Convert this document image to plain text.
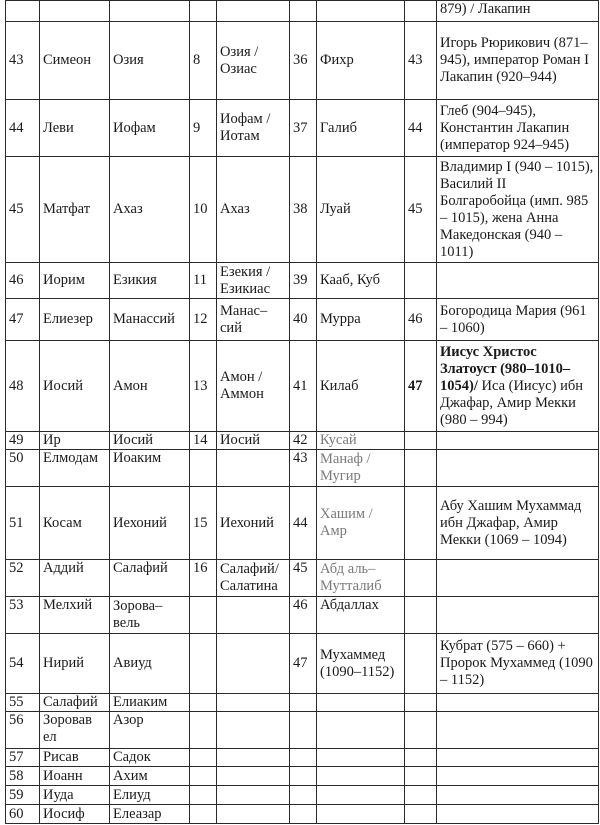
								879) / Лакапин
43	Симеон	Озия	8	Озия / Озиас	36	Фихр	43	Игорь Рюрикович (871–945), император Роман I Лакапин (920–944)
44	Леви	Иофам	9	Иофам / Иотам	37	Галиб	44	Глеб (904–945), Константин Лакапин (император 924–945)
45	Матфат	Ахаз	10	Ахаз	38	Луай	45	Владимир I (940 – 1015), Василий II Болгаробойца (имп. 985 – 1015), жена Анна Македонская (940 – 1011)
46	Иорим	Езикия	11	Езекия / Езикиас	39	Кааб, Куб		
47	Елиезер	Манассий	12	Манас–сий	40	Мурра	46	Богородица Мария (961 – 1060)
48	Иосий	Амон	13	Амон / Аммон	41	Килаб	47	Иисус Христос Златоуст (980–1010–1054)/ Иса (Иисус) ибн Джафар, Амир Мекки (980 – 994)
49	Ир	Иосий	14	Иосий	42	Кусай		
50	Елмодам	Иоаким			43	Манаф / Мугир		
51	Косам	Иехоний	15	Иехоний	44	Хашим / Амр		Абу Хашим Мухаммад ибн Джафар, Амир Мекки (1069 – 1094)
52	Аддий	Салафий	16	Салафий/ Салатина	45	Абд аль– Мутталиб		
53	Мелхий	Зорова– вель			46	Абдаллах		
54	Нирий	Авиуд			47	Мухаммед (1090–1152)		Кубрат (575 – 660) + Пророк Мухаммед (1090 – 1152)
55	Салафий	Елиаким						
56	Зоровав ел	Азор						
57	Рисав	Садок						
58	Иоанн	Ахим						
59	Иуда	Елиуд						
60	Иосиф	Елеазар						
